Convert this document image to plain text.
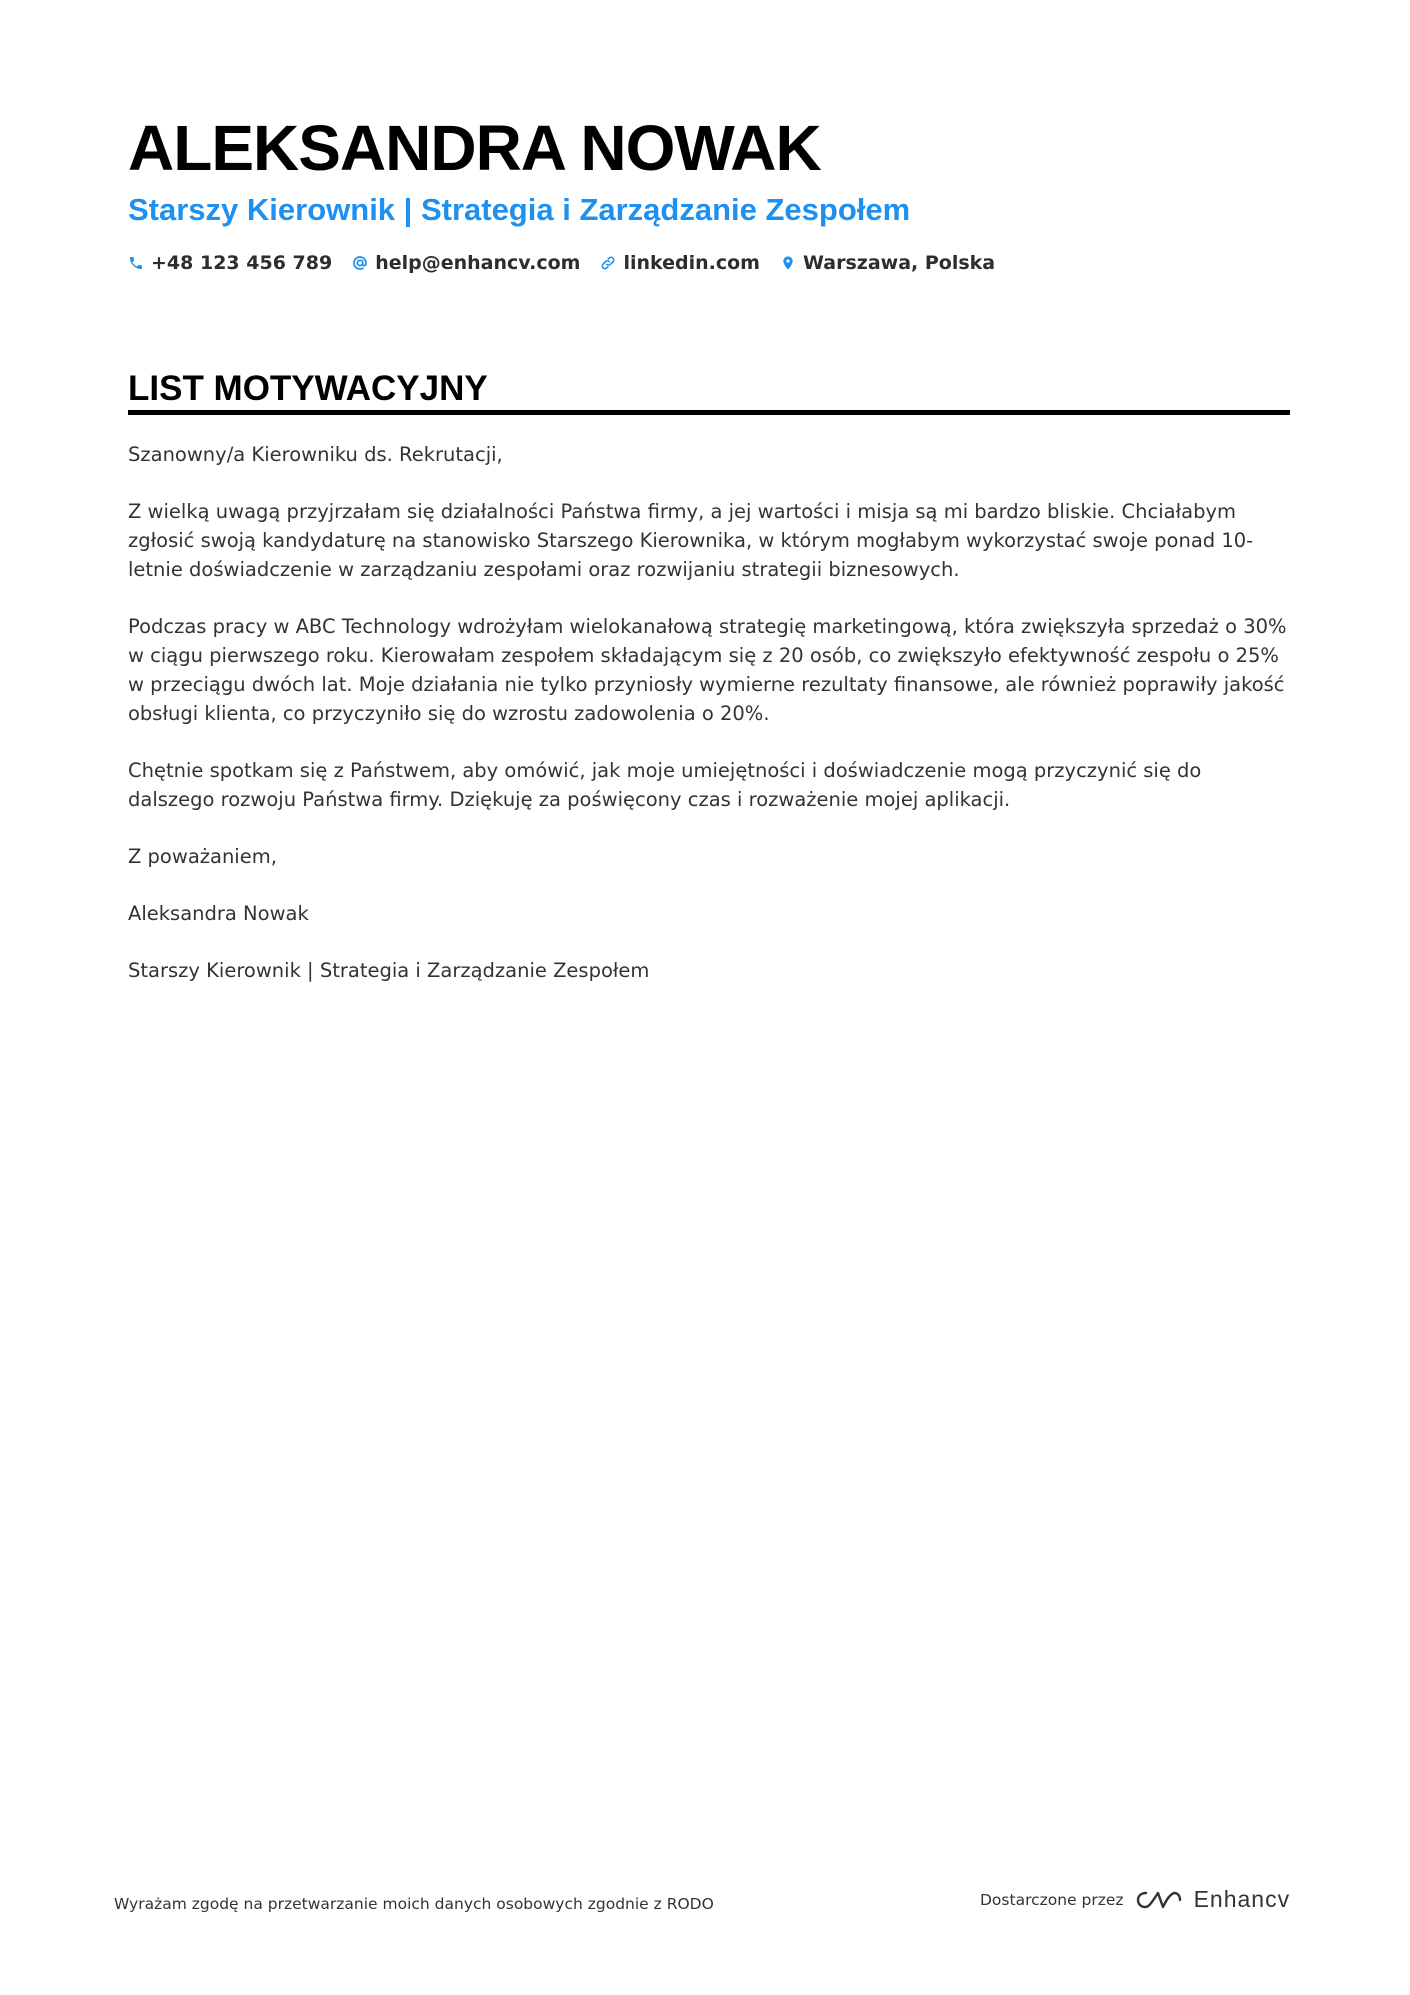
ALEKSANDRA NOWAK
Starszy Kierownik | Strategia i Zarządzanie Zespołem
+48 123 456 789 help@enhancv.com linkedin.com Warszawa, Polska
LIST MOTYWACYJNY

Szanowny/a Kierowniku ds. Rekrutacji,

Z wielką uwagą przyjrzałam się działalności Państwa firmy, a jej wartości i misja są mi bardzo bliskie. Chciałabym zgłosić swoją kandydaturę na stanowisko Starszego Kierownika, w którym mogłabym wykorzystać swoje ponad 10-letnie doświadczenie w zarządzaniu zespołami oraz rozwijaniu strategii biznesowych.

Podczas pracy w ABC Technology wdrożyłam wielokanałową strategię marketingową, która zwiększyła sprzedaż o 30% w ciągu pierwszego roku. Kierowałam zespołem składającym się z 20 osób, co zwiększyło efektywność zespołu o 25% w przeciągu dwóch lat. Moje działania nie tylko przyniosły wymierne rezultaty finansowe, ale również poprawiły jakość obsługi klienta, co przyczyniło się do wzrostu zadowolenia o 20%.

Chętnie spotkam się z Państwem, aby omówić, jak moje umiejętności i doświadczenie mogą przyczynić się do dalszego rozwoju Państwa firmy. Dziękuję za poświęcony czas i rozważenie mojej aplikacji.

Z poważaniem,

Aleksandra Nowak

Starszy Kierownik | Strategia i Zarządzanie Zespołem

Wyrażam zgodę na przetwarzanie moich danych osobowych zgodnie z RODO	Dostarczone przez	Enhancv
